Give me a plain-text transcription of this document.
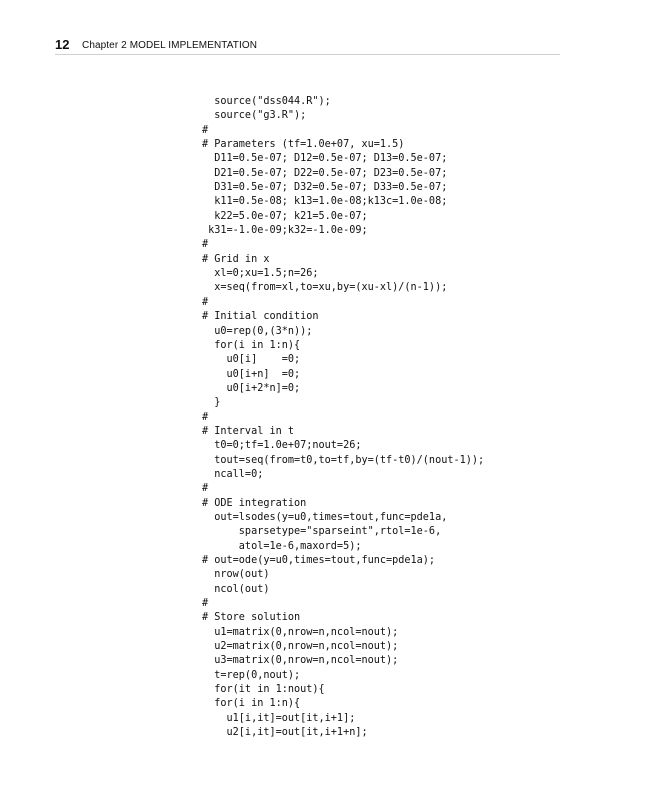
12 Chapter 2 MODEL IMPLEMENTATION
source("dss044.R");
source("g3.R");
#
# Parameters (tf=1.0e+07, xu=1.5)
D11=0.5e-07; D12=0.5e-07; D13=0.5e-07;
D21=0.5e-07; D22=0.5e-07; D23=0.5e-07;
D31=0.5e-07; D32=0.5e-07; D33=0.5e-07;
k11=0.5e-08; k13=1.0e-08;k13c=1.0e-08;
k22=5.0e-07; k21=5.0e-07;
k31=-1.0e-09;k32=-1.0e-09;
#
# Grid in x
xl=0;xu=1.5;n=26;
x=seq(from=xl,to=xu,by=(xu-xl)/(n-1));
#
# Initial condition
u0=rep(0,(3*n));
for(i in 1:n){
u0[i]    =0;
u0[i+n]  =0;
u0[i+2*n]=0;
}
#
# Interval in t
t0=0;tf=1.0e+07;nout=26;
tout=seq(from=t0,to=tf,by=(tf-t0)/(nout-1));
ncall=0;
#
# ODE integration
out=lsodes(y=u0,times=tout,func=pde1a,
sparsetype="sparseint",rtol=1e-6,
atol=1e-6,maxord=5);
# out=ode(y=u0,times=tout,func=pde1a);
nrow(out)
ncol(out)
#
# Store solution
u1=matrix(0,nrow=n,ncol=nout);
u2=matrix(0,nrow=n,ncol=nout);
u3=matrix(0,nrow=n,ncol=nout);
t=rep(0,nout);
for(it in 1:nout){
for(i in 1:n){
u1[i,it]=out[it,i+1];
u2[i,it]=out[it,i+1+n];
